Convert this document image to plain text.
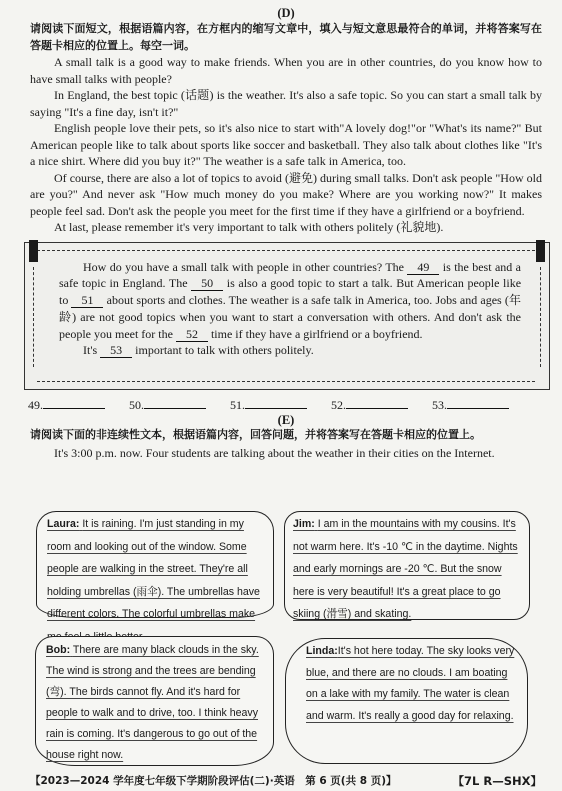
(D)
请阅读下面短文，根据语篇内容，在方框内的缩写文章中，填入与短文意思最符合的单词，并将答案写在答题卡相应的位置上。每空一词。

A small talk is a good way to make friends. When you are in other countries, do you know how to have small talks with people?

In England, the best topic (话题) is the weather. It's also a safe topic. So you can start a small talk by saying "It's a fine day, isn't it?"

English people love their pets, so it's also nice to start with"A lovely dog!"or "What's its name?" But American people like to talk about sports like soccer and basketball. They also talk about clothes like "It's a nice shirt. Where did you buy it?" The weather is a safe talk in America, too.

Of course, there are also a lot of topics to avoid (避免) during small talks. Don't ask people "How old are you?" And never ask "How much money do you make? Where are you working now?" It makes people feel sad. Don't ask the people you meet for the first time if they have a girlfriend or a boyfriend.

At last, please remember it's very important to talk with others politely (礼貌地).

How do you have a small talk with people in other countries? The 49 is the best and a safe topic in England. The 50 is also a good topic to start a talk. But American people like to 51 about sports and clothes. The weather is a safe talk in America, too. Jobs and ages (年龄) are not good topics when you want to start a conversation with others. And don't ask the people you meet for the 52 time if they have a girlfriend or a boyfriend.
It's 53 important to talk with others politely.
49.	50.	51.	52.	53.
(E)
请阅读下面的非连续性文本，根据语篇内容，回答问题，并将答案写在答题卡相应的位置上。

It's 3:00 p.m. now. Four students are talking about the weather in their cities on the Internet.

Laura: It is raining. I'm just standing in my room and looking out of the window. Some people are walking in the street. They're all holding umbrellas (雨伞). The umbrellas have different colors. The colorful umbrellas make
Jim: I am in the mountains with my cousins. It's not warm here. It's -10 ℃ in the daytime. Nights and early mornings are -20 ℃. But the snow here is very beautiful! It's a great place to go skiing (滑雪) and skating.
Bob: There are many black clouds in the sky. The wind is strong and the trees are bending (弯). The birds cannot fly. And it's hard for people to walk and to drive, too. I think heavy rain is coming. It's dangerous to go out of the house right now.
Linda:It's hot here today. The sky looks very blue, and there are no clouds. I am boating on a lake with my family. The water is clean and warm. It's really a good day for relaxing.
【2023—2024 学年度七年级下学期阶段评估(二)·英语　第 6 页(共 8 页)】	【7L R—SHX】
